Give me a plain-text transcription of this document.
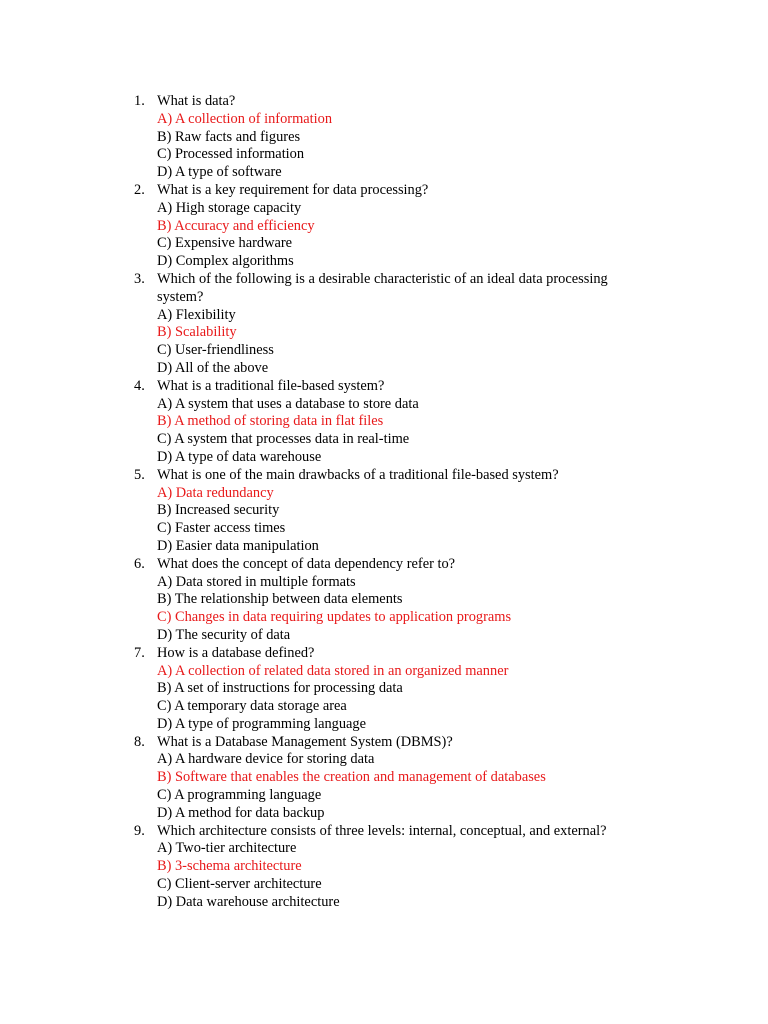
1. What is data?
A) A collection of information
B) Raw facts and figures
C) Processed information
D) A type of software
2. What is a key requirement for data processing?
A) High storage capacity
B) Accuracy and efficiency
C) Expensive hardware
D) Complex algorithms
3. Which of the following is a desirable characteristic of an ideal data processing system?
A) Flexibility
B) Scalability
C) User-friendliness
D) All of the above
4. What is a traditional file-based system?
A) A system that uses a database to store data
B) A method of storing data in flat files
C) A system that processes data in real-time
D) A type of data warehouse
5. What is one of the main drawbacks of a traditional file-based system?
A) Data redundancy
B) Increased security
C) Faster access times
D) Easier data manipulation
6. What does the concept of data dependency refer to?
A) Data stored in multiple formats
B) The relationship between data elements
C) Changes in data requiring updates to application programs
D) The security of data
7. How is a database defined?
A) A collection of related data stored in an organized manner
B) A set of instructions for processing data
C) A temporary data storage area
D) A type of programming language
8. What is a Database Management System (DBMS)?
A) A hardware device for storing data
B) Software that enables the creation and management of databases
C) A programming language
D) A method for data backup
9. Which architecture consists of three levels: internal, conceptual, and external?
A) Two-tier architecture
B) 3-schema architecture
C) Client-server architecture
D) Data warehouse architecture
